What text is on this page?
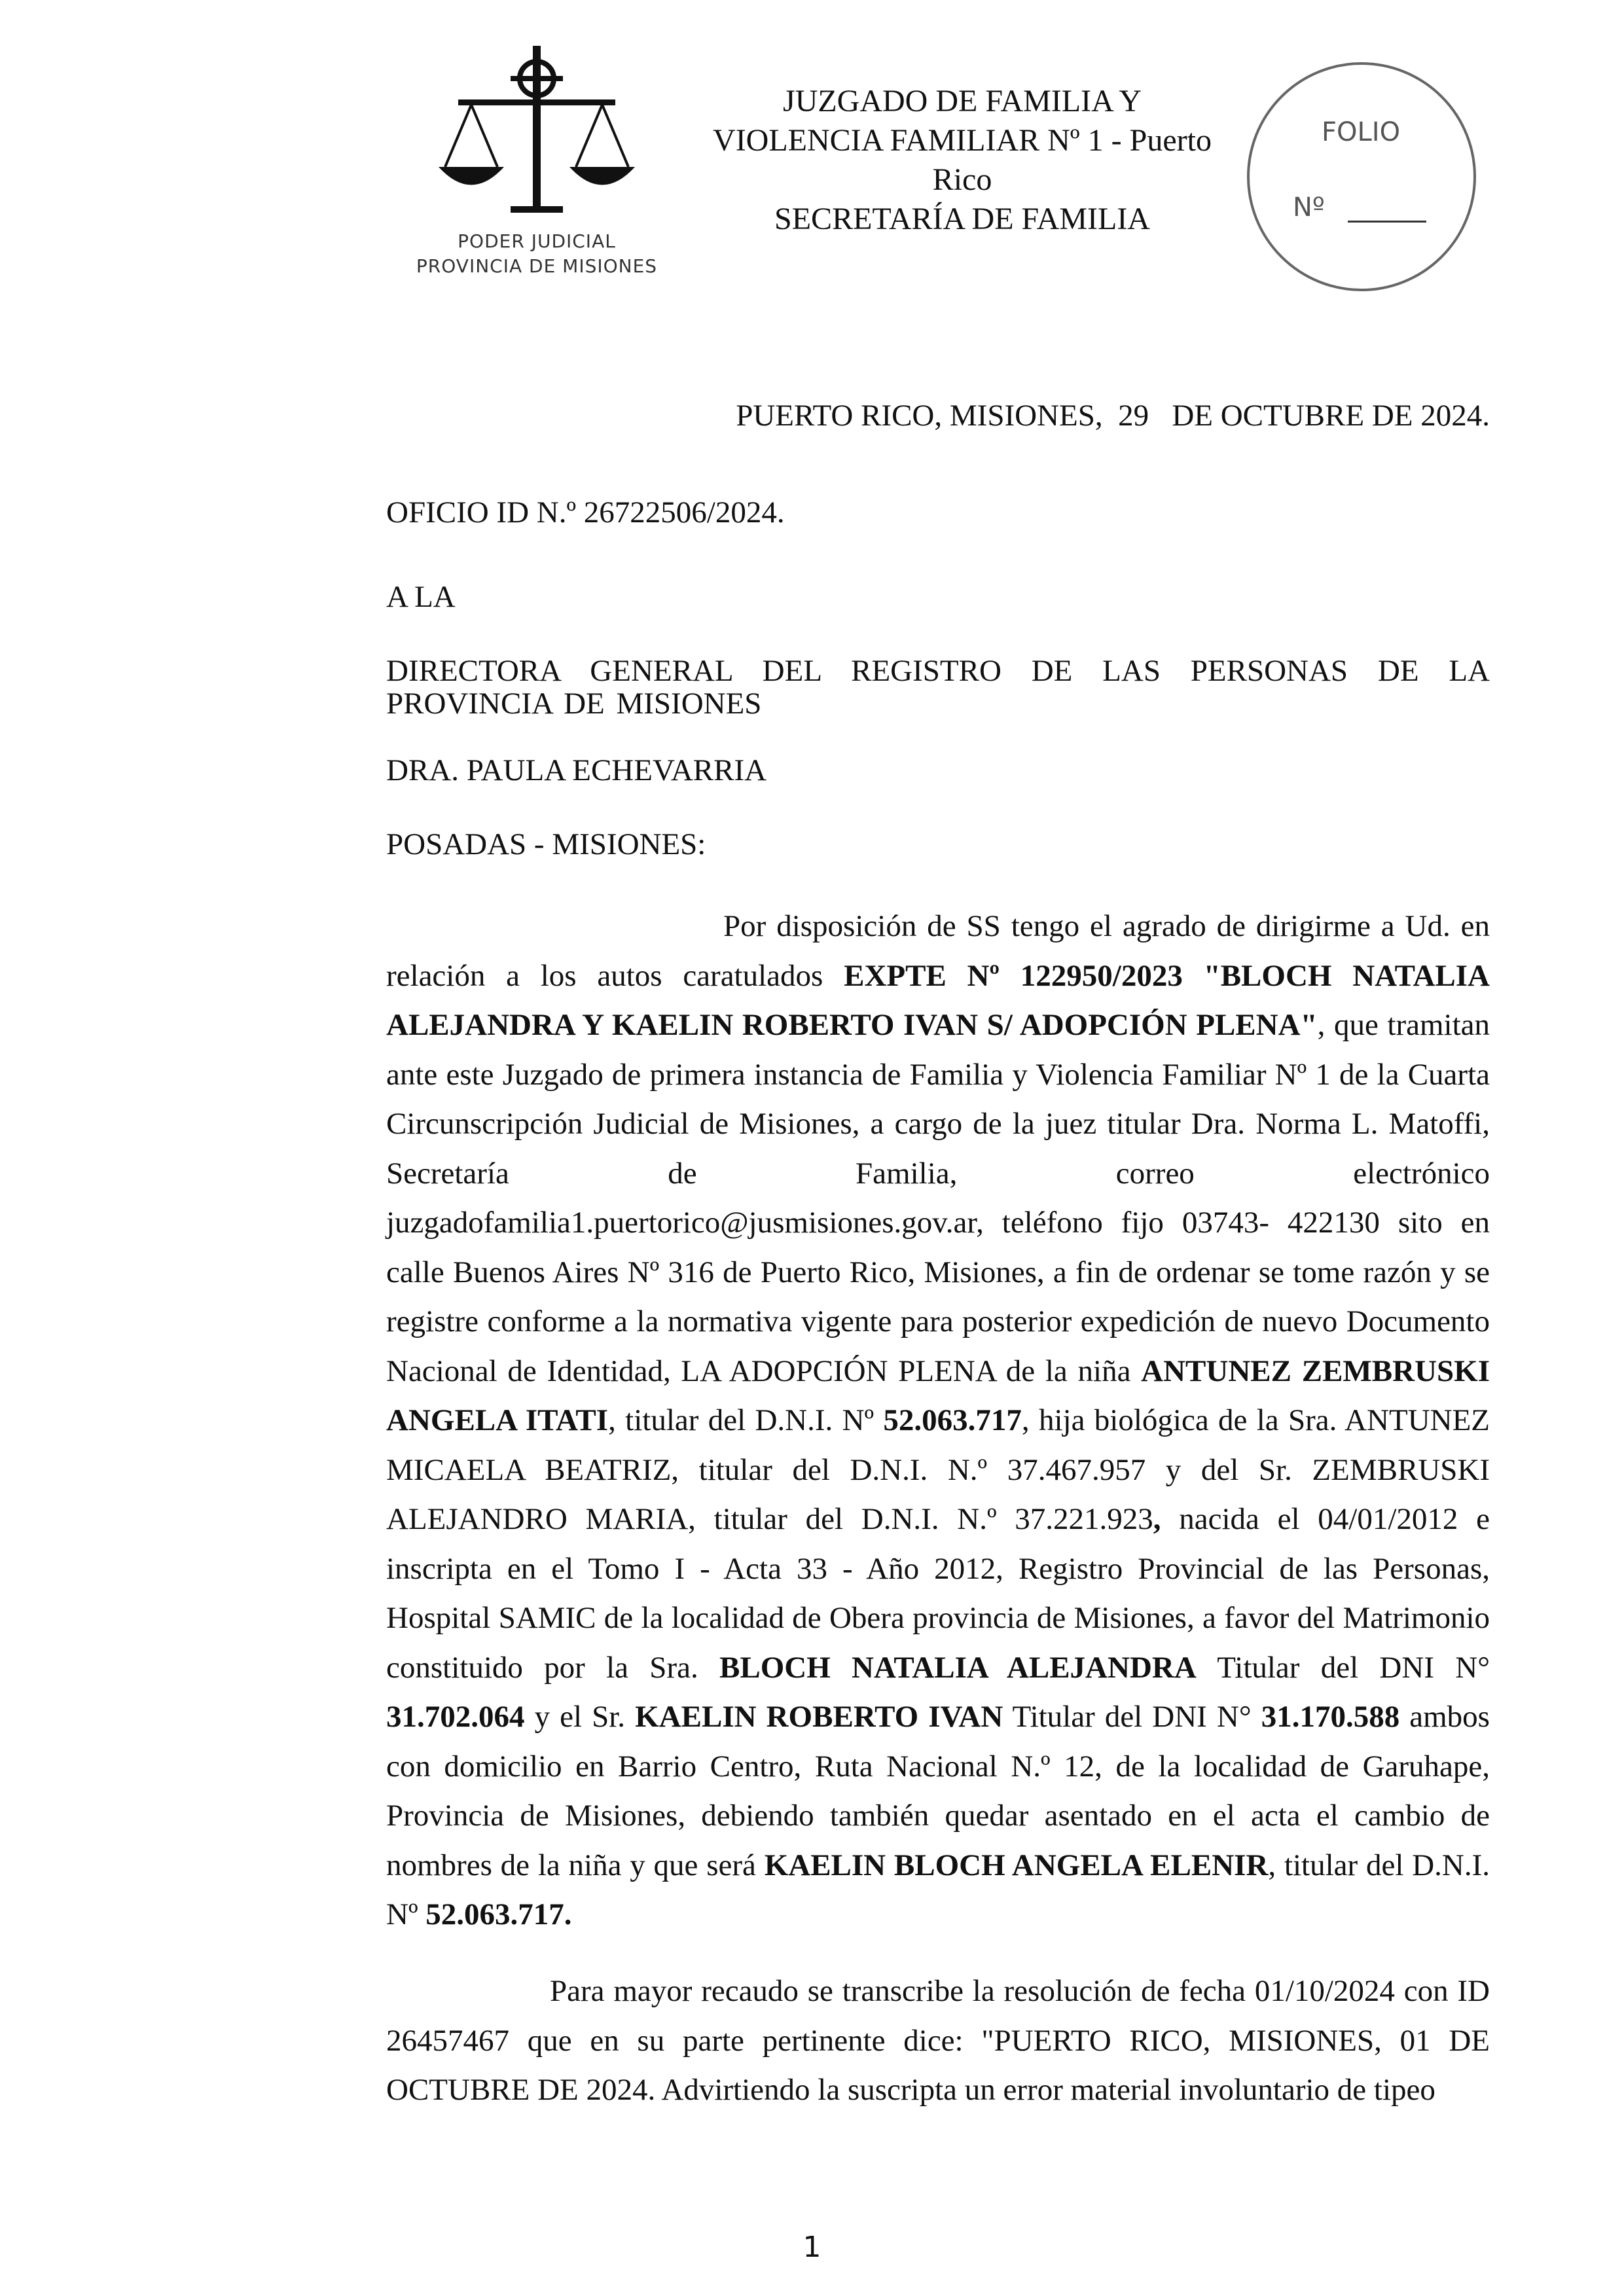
PODER JUDICIAL
PROVINCIA DE MISIONES
JUZGADO DE FAMILIA Y
VIOLENCIA FAMILIAR Nº 1 - Puerto
Rico
SECRETARÍA DE FAMILIA
FOLIO
Nº
PUERTO RICO, MISIONES,  29   DE OCTUBRE DE 2024.
OFICIO ID N.º 26722506/2024.
A LA
DIRECTORA GENERAL DEL REGISTRO DE LAS PERSONAS DE LA PROVINCIA DE MISIONES
DRA. PAULA ECHEVARRIA
POSADAS - MISIONES:
Por disposición de SS tengo el agrado de dirigirme a Ud. en relación a los autos caratulados EXPTE Nº 122950/2023 "BLOCH NATALIA ALEJANDRA Y KAELIN ROBERTO IVAN S/ ADOPCIÓN PLENA", que tramitan ante este Juzgado de primera instancia de Familia y Violencia Familiar Nº 1 de la Cuarta Circunscripción Judicial de Misiones, a cargo de la juez titular Dra. Norma L. Matoffi, Secretaría de Familia, correo electrónico juzgadofamilia1.puertorico@jusmisiones.gov.ar, teléfono fijo 03743- 422130 sito en calle Buenos Aires Nº 316 de Puerto Rico, Misiones, a fin de ordenar se tome razón y se registre conforme a la normativa vigente para posterior expedición de nuevo Documento Nacional de Identidad, LA ADOPCIÓN PLENA de la niña ANTUNEZ ZEMBRUSKI ANGELA ITATI, titular del D.N.I. Nº 52.063.717, hija biológica de la Sra. ANTUNEZ MICAELA BEATRIZ, titular del D.N.I. N.º 37.467.957 y del Sr. ZEMBRUSKI ALEJANDRO MARIA, titular del D.N.I. N.º 37.221.923, nacida el 04/01/2012 e inscripta en el Tomo I - Acta 33 - Año 2012, Registro Provincial de las Personas, Hospital SAMIC de la localidad de Obera provincia de Misiones, a favor del Matrimonio constituido por la Sra. BLOCH NATALIA ALEJANDRA Titular del DNI N° 31.702.064 y el Sr. KAELIN ROBERTO IVAN Titular del DNI N° 31.170.588 ambos con domicilio en Barrio Centro, Ruta Nacional N.º 12, de la localidad de Garuhape, Provincia de Misiones, debiendo también quedar asentado en el acta el cambio de nombres de la niña y que será KAELIN BLOCH ANGELA ELENIR, titular del D.N.I. Nº 52.063.717.
Para mayor recaudo se transcribe la resolución de fecha 01/10/2024 con ID 26457467 que en su parte pertinente dice: "PUERTO RICO, MISIONES, 01 DE OCTUBRE DE 2024. Advirtiendo la suscripta un error material involuntario de tipeo
1
